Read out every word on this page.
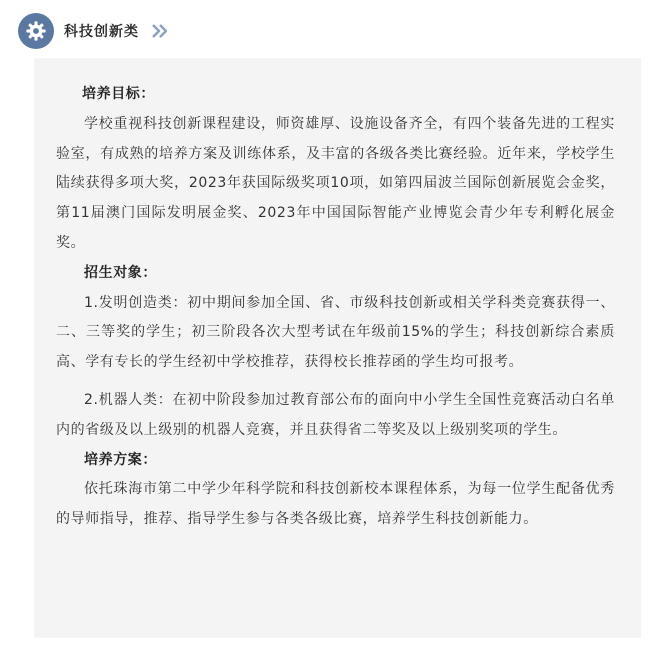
科技创新类

培养目标：

学校重视科技创新课程建设，师资雄厚、设施设备齐全，有四个装备先进的工程实验室，有成熟的培养方案及训练体系，及丰富的各级各类比赛经验。近年来，学校学生陆续获得多项大奖，2023年获国际级奖项10项，如第四届波兰国际创新展览会金奖，第11届澳门国际发明展金奖、2023年中国国际智能产业博览会青少年专利孵化展金奖。

招生对象：

1.发明创造类：初中期间参加全国、省、市级科技创新或相关学科类竞赛获得一、二、三等奖的学生；初三阶段各次大型考试在年级前15%的学生；科技创新综合素质高、学有专长的学生经初中学校推荐，获得校长推荐函的学生均可报考。

2.机器人类：在初中阶段参加过教育部公布的面向中小学生全国性竞赛活动白名单内的省级及以上级别的机器人竞赛，并且获得省二等奖及以上级别奖项的学生。

培养方案：

依托珠海市第二中学少年科学院和科技创新校本课程体系，为每一位学生配备优秀的导师指导，推荐、指导学生参与各类各级比赛，培养学生科技创新能力。
